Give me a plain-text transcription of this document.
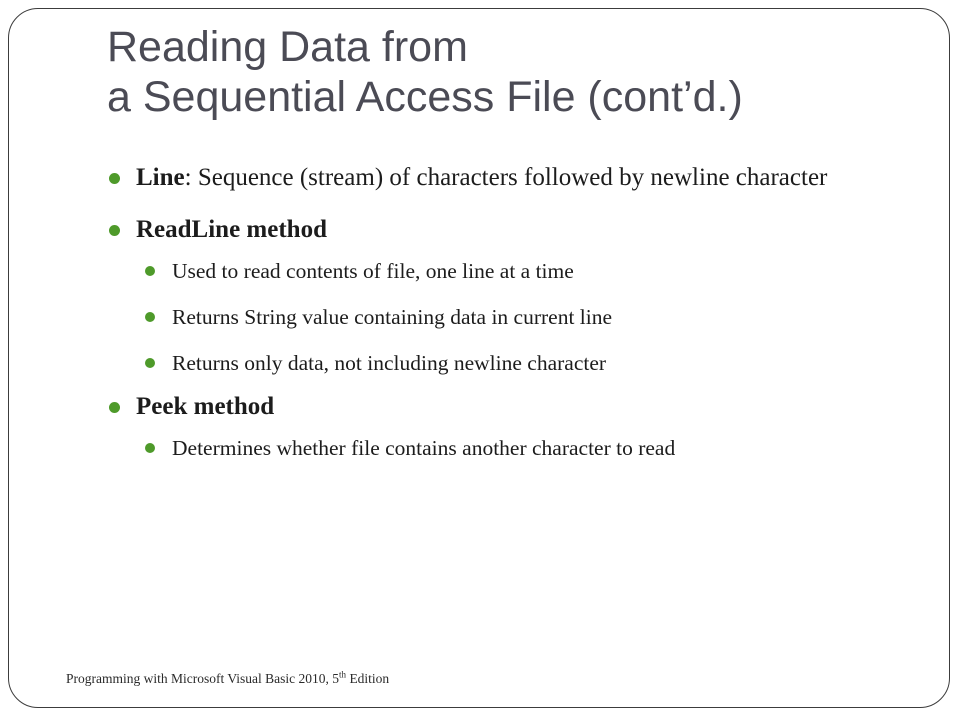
Reading Data from
a Sequential Access File (cont’d.)
Line: Sequence (stream) of characters followed by newline character
ReadLine method
Used to read contents of file, one line at a time
Returns String value containing data in current line
Returns only data, not including newline character
Peek method
Determines whether file contains another character to read
Programming with Microsoft Visual Basic 2010, 5th Edition
